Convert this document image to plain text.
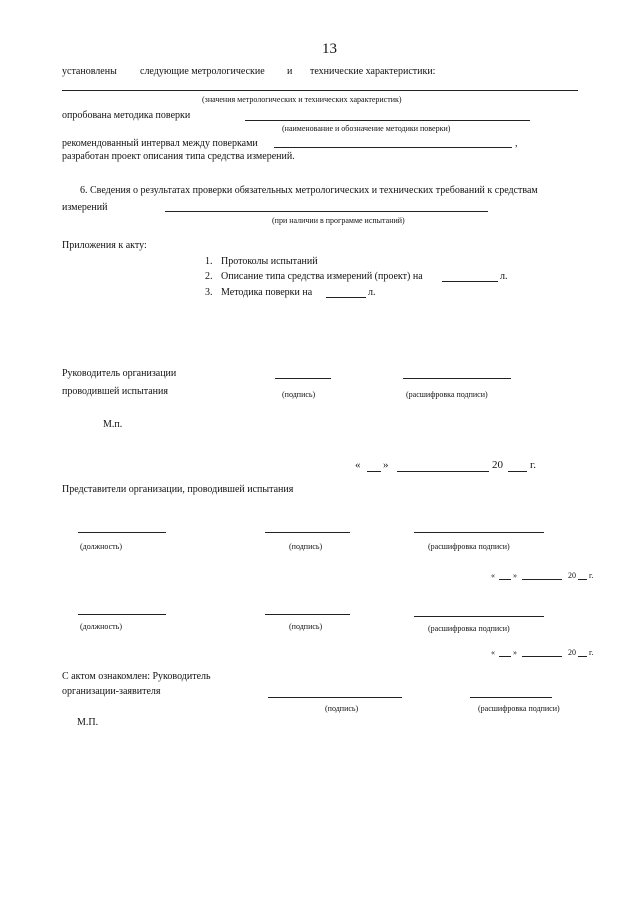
13
установлены следующие метрологические и технические характеристики:
(значения метрологических и технических характеристик)
опробована методика поверки
(наименование и обозначение методики поверки)
рекомендованный интервал между поверками	,
разработан проект описания типа средства измерений.
6. Сведения о результатах проверки обязательных метрологических и технических требований к средствам
измерений
(при наличии в программе испытаний)
Приложения к акту:
1. Протоколы испытаний
2. Описание типа средства измерений (проект) на	л.
3. Методика поверки на	л.
Руководитель организации
проводившей испытания	(подпись)	(расшифровка подписи)
М.п.
« »	20 г.
Представители организации, проводившей испытания
(должность)	(подпись)	(расшифровка подписи)
« »	20 г.
(должность)	(подпись)	(расшифровка подписи)
« »	20 г.
С актом ознакомлен: Руководитель
организации-заявителя
(подпись)	(расшифровка подписи)
М.П.
